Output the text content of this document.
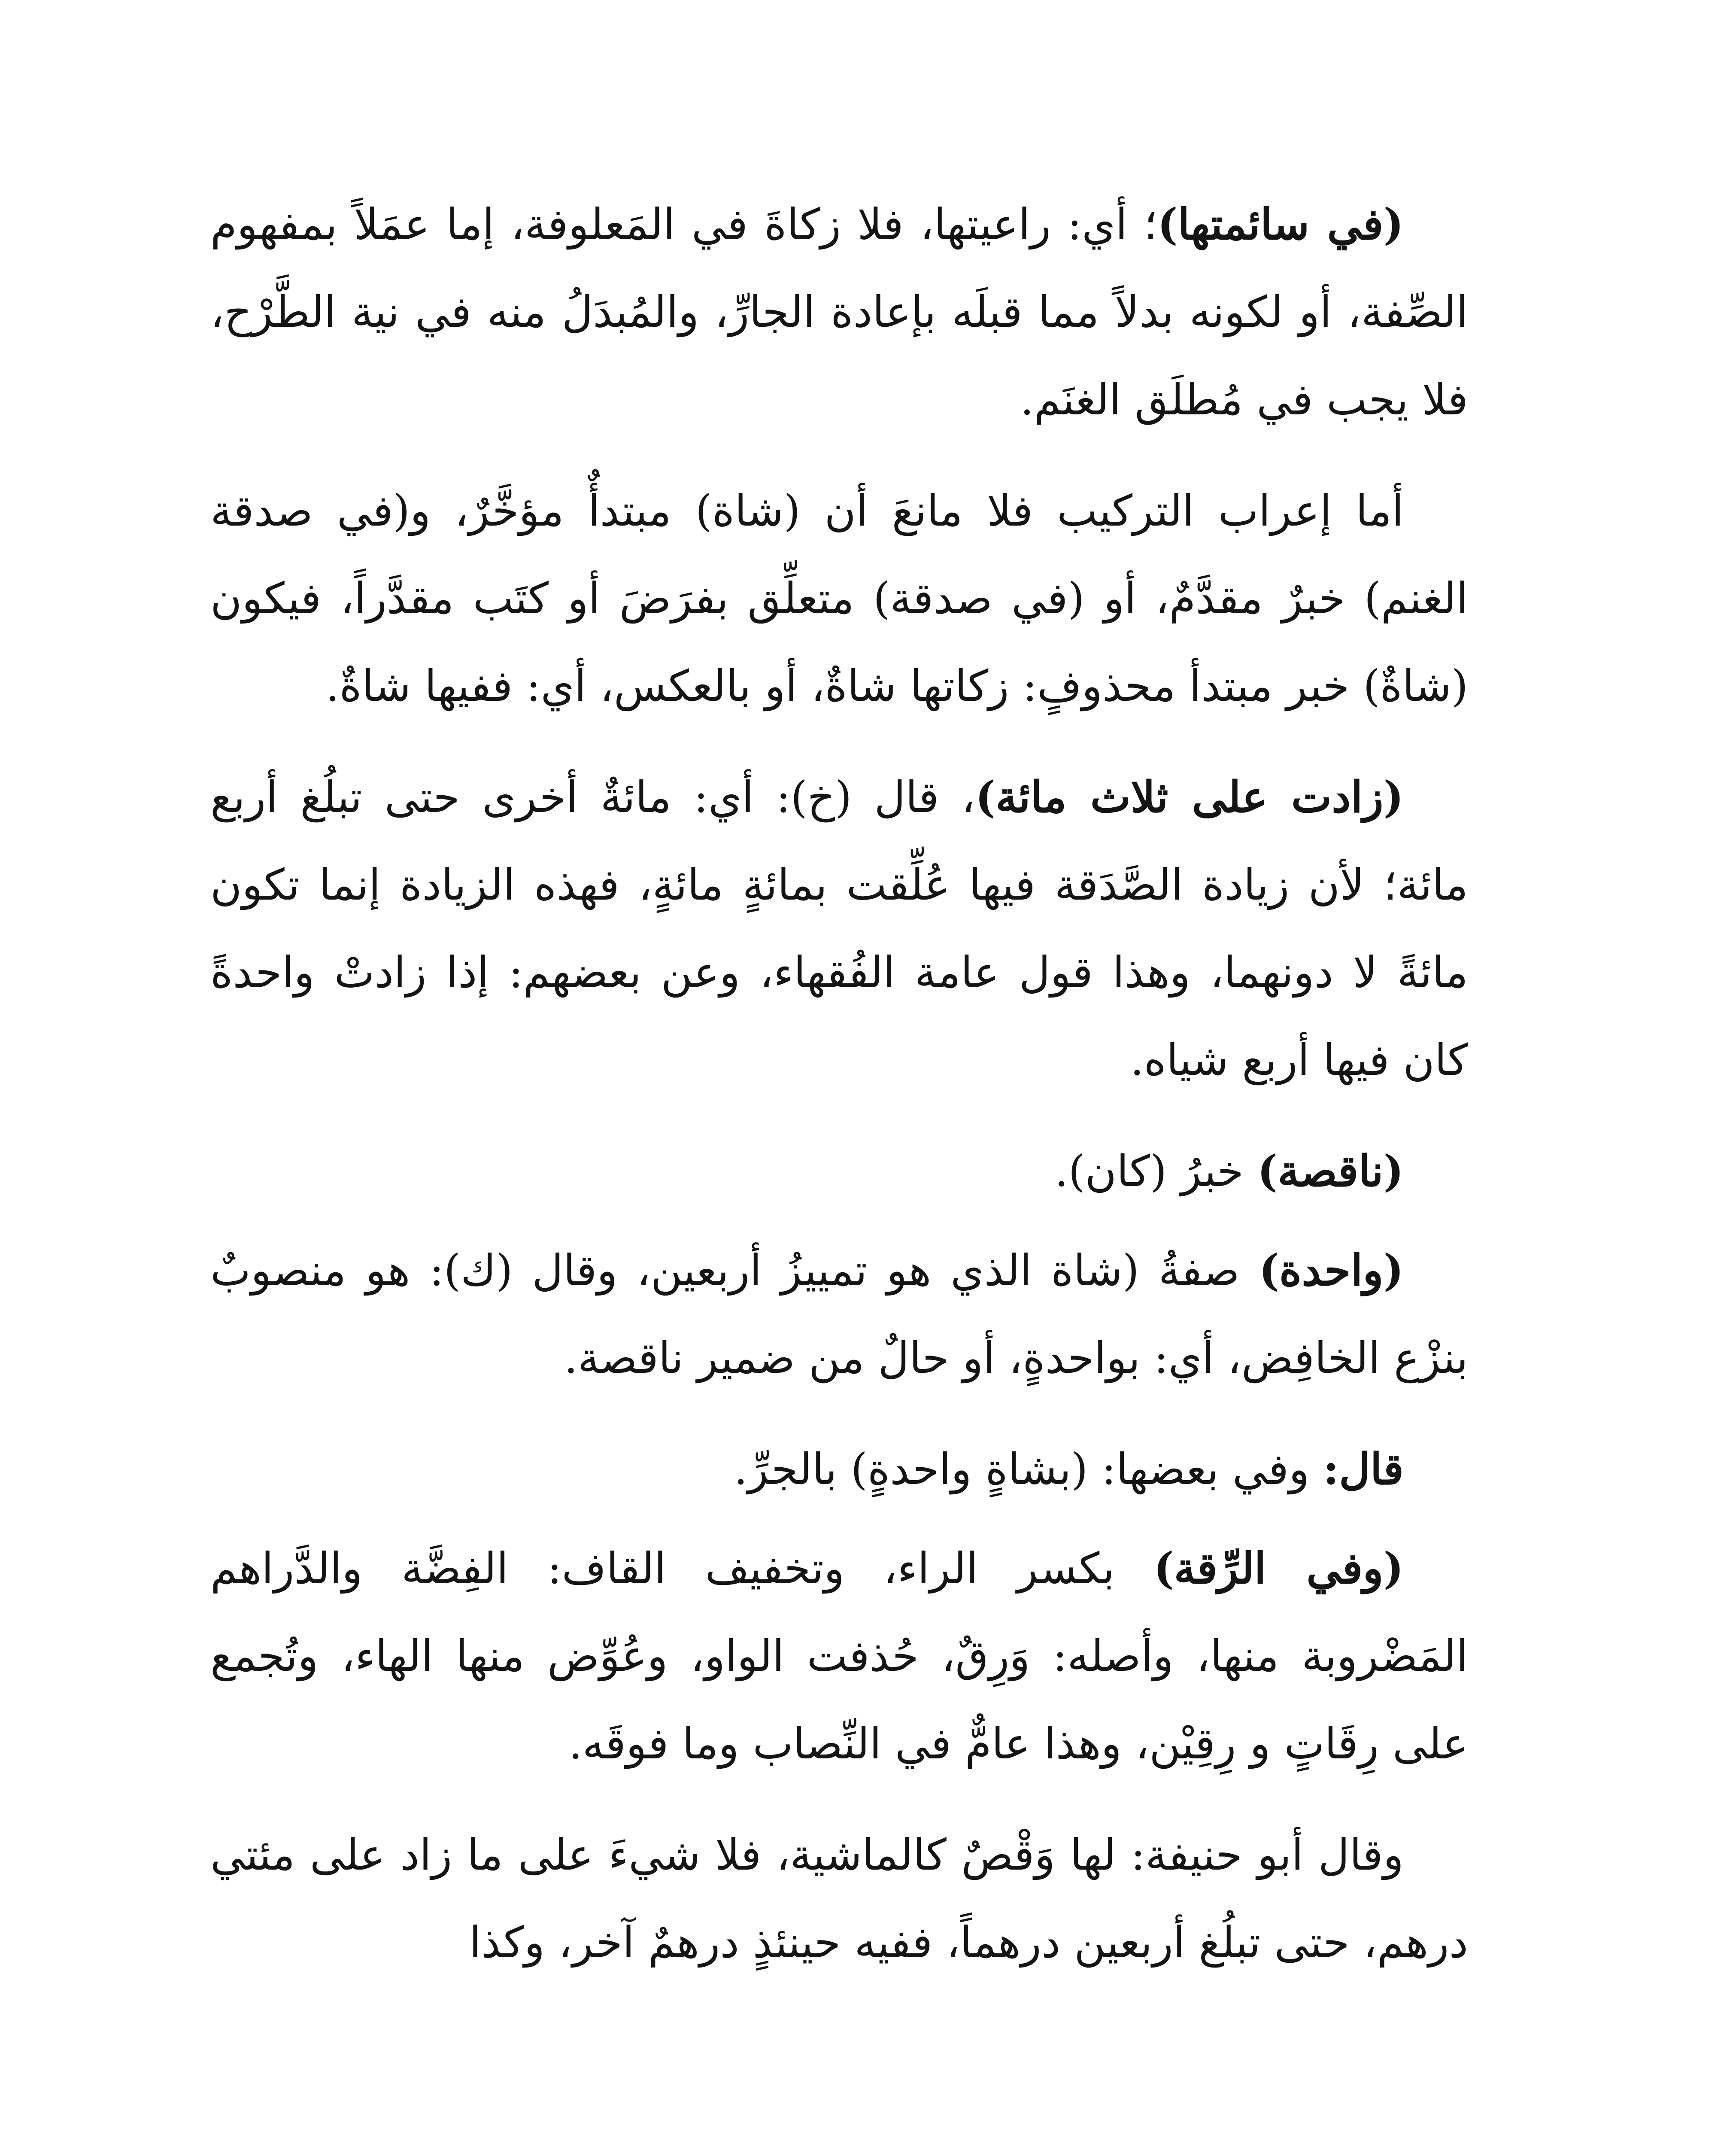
(في سائمتها)؛ أي: راعيتها، فلا زكاةَ في المَعلوفة، إما عمَلاً بمفهوم الصِّفة، أو لكونه بدلاً مما قبلَه بإعادة الجارِّ، والمُبدَلُ منه في نية الطَّرْح، فلا يجب في مُطلَق الغنَم.

أما إعراب التركيب فلا مانعَ أن (شاة) مبتدأٌ مؤخَّرٌ، و(في صدقة الغنم) خبرٌ مقدَّمٌ، أو (في صدقة) متعلِّق بفرَضَ أو كتَب مقدَّراً، فيكون (شاةٌ) خبر مبتدأ محذوفٍ: زكاتها شاةٌ، أو بالعكس، أي: ففيها شاةٌ.

(زادت على ثلاث مائة)، قال (خ): أي: مائةٌ أخرى حتى تبلُغ أربع مائة؛ لأن زيادة الصَّدَقة فيها عُلِّقت بمائةٍ مائةٍ، فهذه الزيادة إنما تكون مائةً لا دونهما، وهذا قول عامة الفُقهاء، وعن بعضهم: إذا زادتْ واحدةً كان فيها أربع شياه.

(ناقصة) خبرُ (كان).

(واحدة) صفةُ (شاة الذي هو تمييزُ أربعين، وقال (ك): هو منصوبٌ بنزْع الخافِض، أي: بواحدةٍ، أو حالٌ من ضمير ناقصة.

قال: وفي بعضها: (بشاةٍ واحدةٍ) بالجرِّ.

(وفي الرِّقة) بكسر الراء، وتخفيف القاف: الفِضَّة والدَّراهم المَضْروبة منها، وأصله: وَرِقٌ، حُذفت الواو، وعُوِّض منها الهاء، وتُجمع على رِقَاتٍ و رِقِيْن، وهذا عامٌّ في النِّصاب وما فوقَه.

وقال أبو حنيفة: لها وَقْصٌ كالماشية، فلا شيءَ على ما زاد على مئتي درهم، حتى تبلُغ أربعين درهماً، ففيه حينئذٍ درهمٌ آخر، وكذا
